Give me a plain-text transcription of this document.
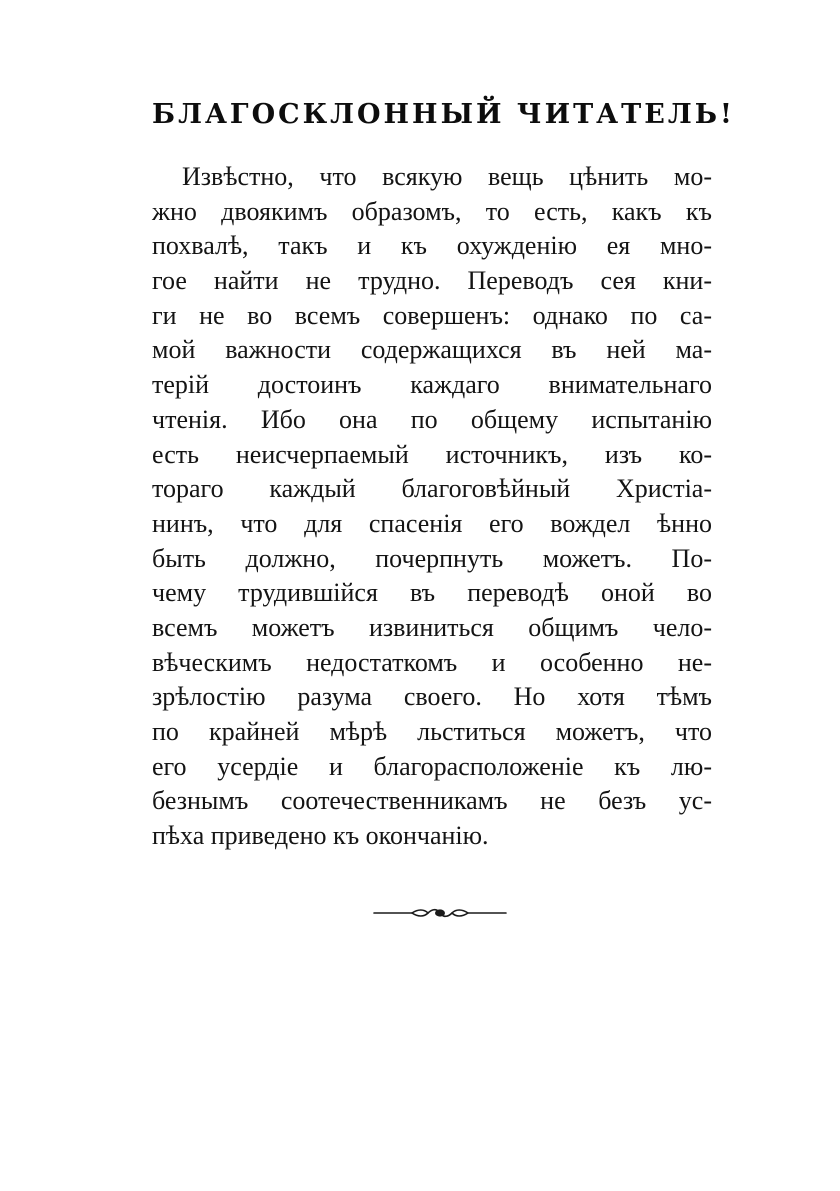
БЛАГОСКЛОННЫЙ ЧИТАТЕЛЬ!
Извѣстно, что всякую вещь цѣнить мо-
жно двоякимъ образомъ, то есть, какъ къ
похвалѣ, такъ и къ охужденію ея мно-
гое найти не трудно. Переводъ сея кни-
ги не во всемъ совершенъ: однако по са-
мой важности содержащихся въ ней ма-
терій достоинъ каждаго внимательнаго
чтенія. Ибо она по общему испытанію
есть неисчерпаемый источникъ, изъ ко-
тораго каждый благоговѣйный Христіа-
нинъ, что для спасенія его вождел ѣнно
быть должно, почерпнуть можетъ. По-
чему трудившійся въ переводѣ оной во
всемъ можетъ извиниться общимъ чело-
вѣческимъ недостаткомъ и особенно не-
зрѣлостію разума своего. Но хотя тѣмъ
по крайней мѣрѣ льститься можетъ, что
его усердіе и благорасположеніе къ лю-
безнымъ соотечественникамъ не безъ ус-
пѣха приведено къ окончанію.
